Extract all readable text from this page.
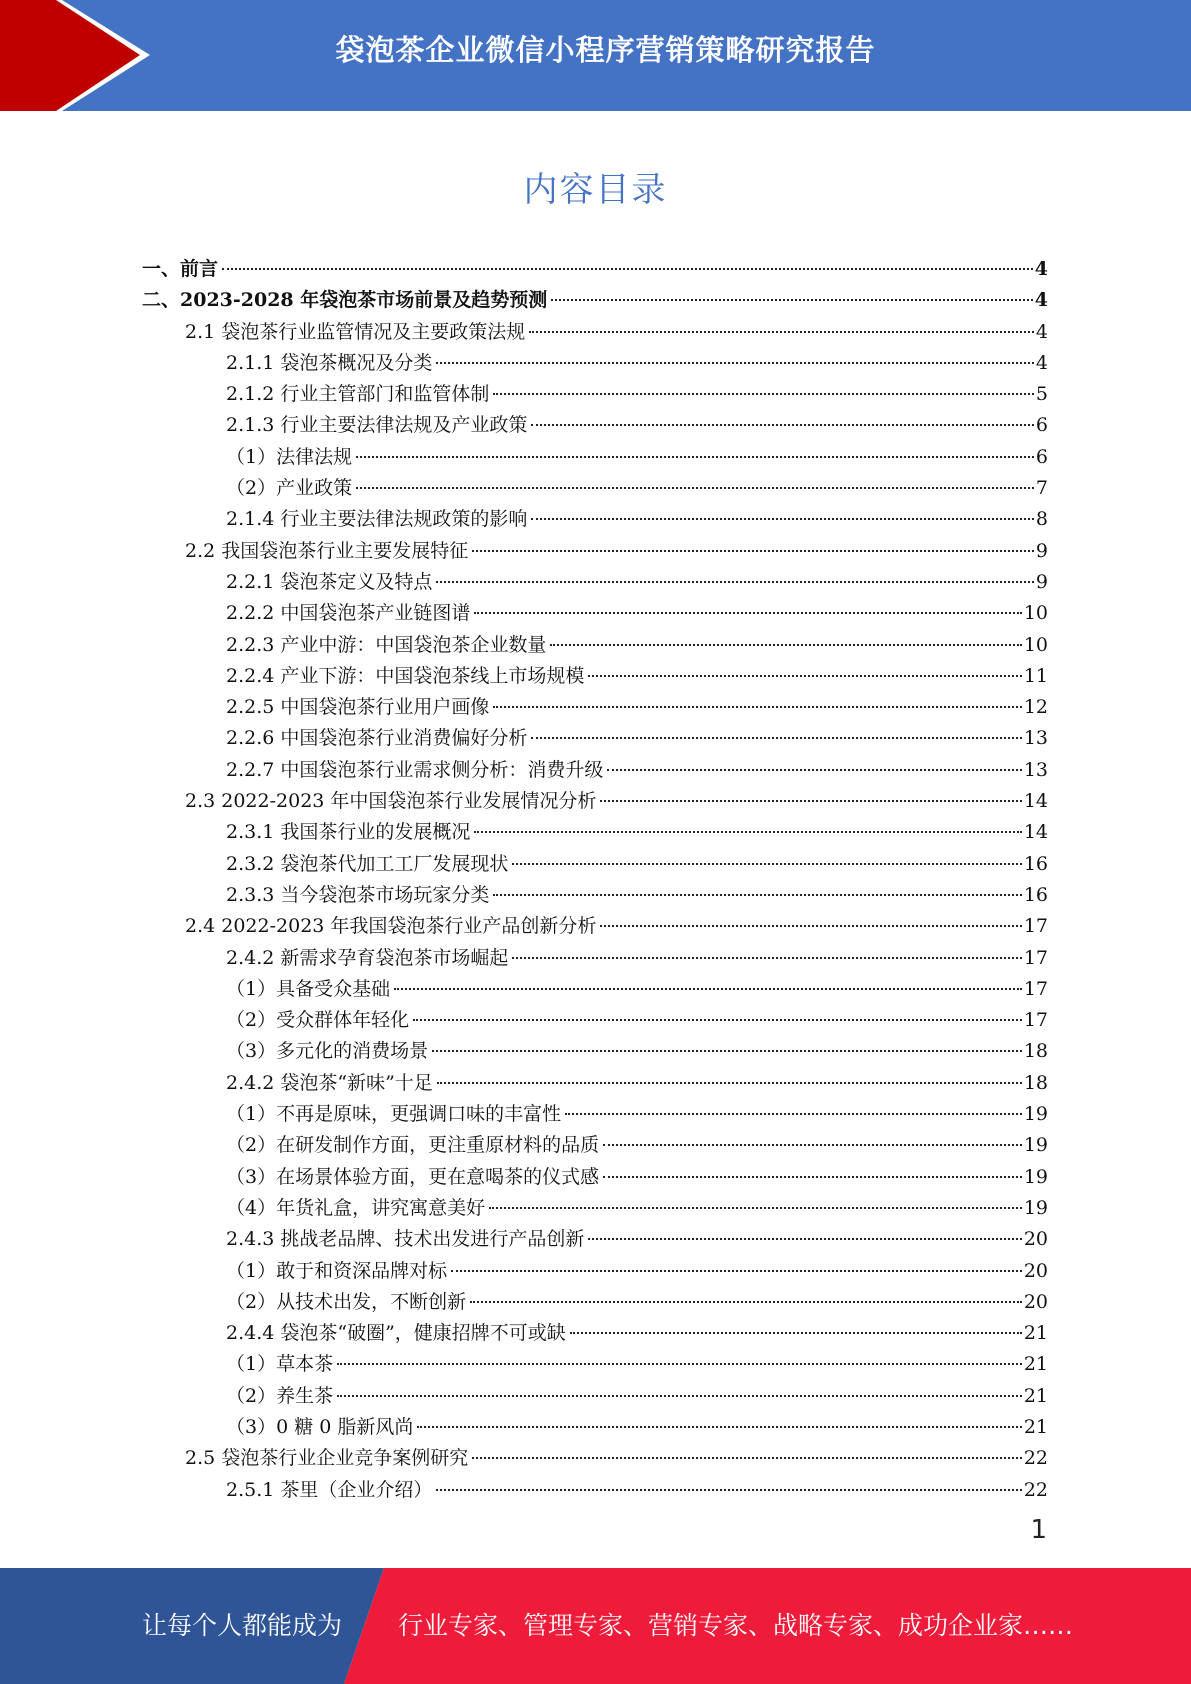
袋泡茶企业微信小程序营销策略研究报告
内容目录
一、前言	4
二、2023-2028 年袋泡茶市场前景及趋势预测	4
2.1 袋泡茶行业监管情况及主要政策法规	4
2.1.1 袋泡茶概况及分类	4
2.1.2 行业主管部门和监管体制	5
2.1.3 行业主要法律法规及产业政策	6
（1）法律法规	6
（2）产业政策	7
2.1.4 行业主要法律法规政策的影响	8
2.2 我国袋泡茶行业主要发展特征	9
2.2.1 袋泡茶定义及特点	9
2.2.2 中国袋泡茶产业链图谱	10
2.2.3 产业中游：中国袋泡茶企业数量	10
2.2.4 产业下游：中国袋泡茶线上市场规模	11
2.2.5 中国袋泡茶行业用户画像	12
2.2.6 中国袋泡茶行业消费偏好分析	13
2.2.7 中国袋泡茶行业需求侧分析：消费升级	13
2.3 2022-2023 年中国袋泡茶行业发展情况分析	14
2.3.1 我国茶行业的发展概况	14
2.3.2 袋泡茶代加工工厂发展现状	16
2.3.3 当今袋泡茶市场玩家分类	16
2.4 2022-2023 年我国袋泡茶行业产品创新分析	17
2.4.2 新需求孕育袋泡茶市场崛起	17
（1）具备受众基础	17
（2）受众群体年轻化	17
（3）多元化的消费场景	18
2.4.2 袋泡茶“新味”十足	18
（1）不再是原味，更强调口味的丰富性	19
（2）在研发制作方面，更注重原材料的品质	19
（3）在场景体验方面，更在意喝茶的仪式感	19
（4）年货礼盒，讲究寓意美好	19
2.4.3 挑战老品牌、技术出发进行产品创新	20
（1）敢于和资深品牌对标	20
（2）从技术出发，不断创新	20
2.4.4 袋泡茶“破圈”，健康招牌不可或缺	21
（1）草本茶	21
（2）养生茶	21
（3）0 糖 0 脂新风尚	21
2.5 袋泡茶行业企业竞争案例研究	22
2.5.1 茶里（企业介绍）	22
1
让每个人都能成为 行业专家、管理专家、营销专家、战略专家、成功企业家……
